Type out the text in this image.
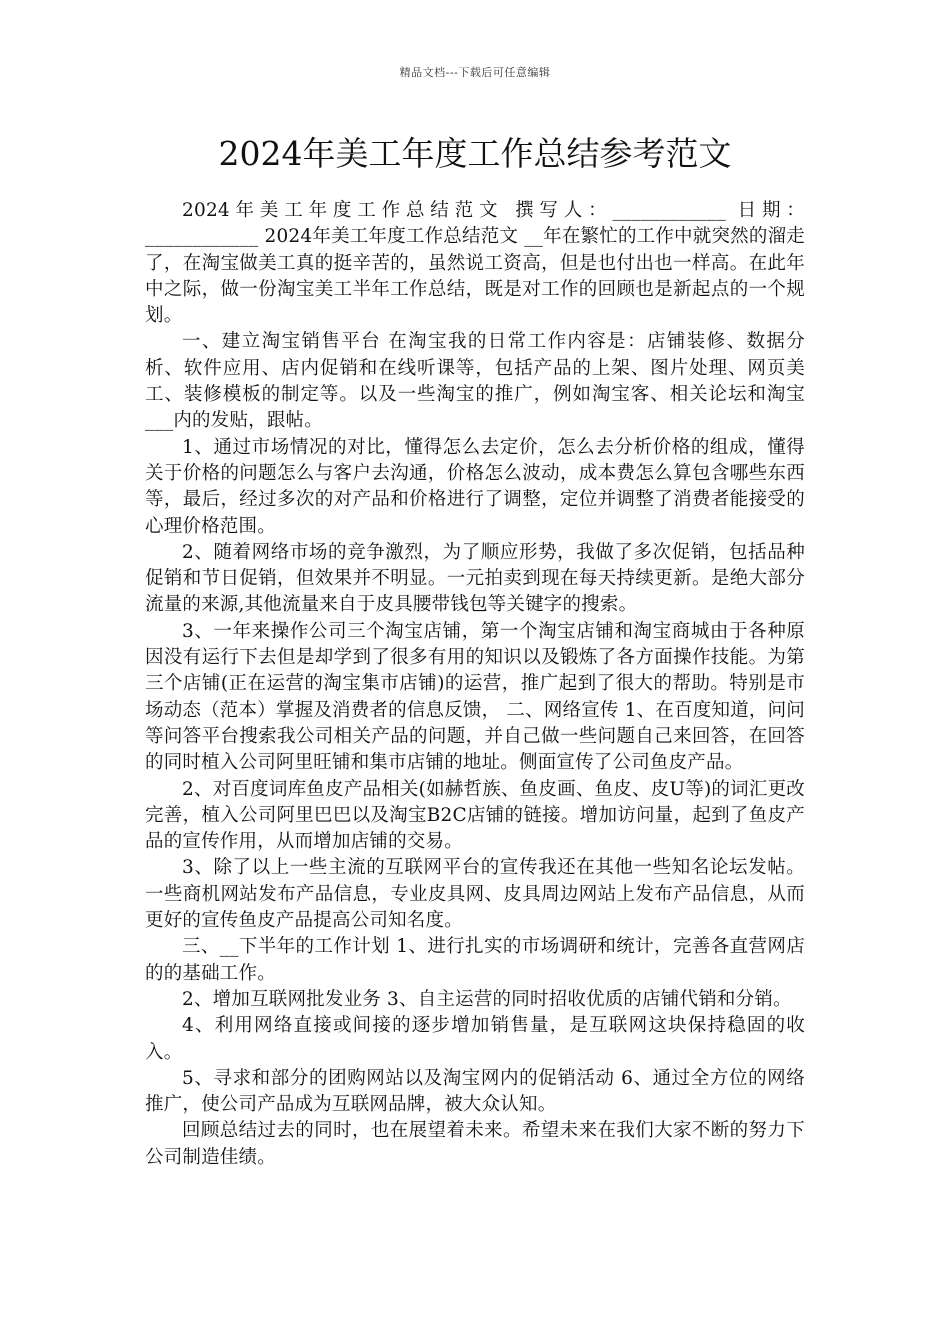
精品文档---下载后可任意编辑
2024年美工年度工作总结参考范文

2024年美工年度工作总结范文 撰写人：____________ 日期：____________ 2024年美工年度工作总结范文 __年在繁忙的工作中就突然的溜走了，在淘宝做美工真的挺辛苦的，虽然说工资高，但是也付出也一样高。在此年中之际，做一份淘宝美工半年工作总结，既是对工作的回顾也是新起点的一个规划。

一、建立淘宝销售平台 在淘宝我的日常工作内容是：店铺装修、数据分析、软件应用、店内促销和在线听课等，包括产品的上架、图片处理、网页美工、装修模板的制定等。以及一些淘宝的推广，例如淘宝客、相关论坛和淘宝___内的发贴，跟帖。

1、通过市场情况的对比，懂得怎么去定价，怎么去分析价格的组成，懂得关于价格的问题怎么与客户去沟通，价格怎么波动，成本费怎么算包含哪些东西等，最后，经过多次的对产品和价格进行了调整，定位并调整了消费者能接受的心理价格范围。

2、随着网络市场的竞争激烈，为了顺应形势，我做了多次促销，包括品种促销和节日促销，但效果并不明显。一元拍卖到现在每天持续更新。是绝大部分流量的来源,其他流量来自于皮具腰带钱包等关键字的搜索。

3、一年来操作公司三个淘宝店铺，第一个淘宝店铺和淘宝商城由于各种原因没有运行下去但是却学到了很多有用的知识以及锻炼了各方面操作技能。为第三个店铺(正在运营的淘宝集市店铺)的运营，推广起到了很大的帮助。特别是市场动态（范本）掌握及消费者的信息反馈， 二、网络宣传 1、在百度知道，问问等问答平台搜索我公司相关产品的问题，并自己做一些问题自己来回答，在回答的同时植入公司阿里旺铺和集市店铺的地址。侧面宣传了公司鱼皮产品。

2、对百度词库鱼皮产品相关(如赫哲族、鱼皮画、鱼皮、皮U等)的词汇更改完善，植入公司阿里巴巴以及淘宝B2C店铺的链接。增加访问量，起到了鱼皮产品的宣传作用，从而增加店铺的交易。

3、除了以上一些主流的互联网平台的宣传我还在其他一些知名论坛发帖。一些商机网站发布产品信息，专业皮具网、皮具周边网站上发布产品信息，从而更好的宣传鱼皮产品提高公司知名度。

三、__下半年的工作计划 1、进行扎实的市场调研和统计，完善各直营网店的的基础工作。

2、增加互联网批发业务 3、自主运营的同时招收优质的店铺代销和分销。

4、利用网络直接或间接的逐步增加销售量，是互联网这块保持稳固的收入。

5、寻求和部分的团购网站以及淘宝网内的促销活动 6、通过全方位的网络推广，使公司产品成为互联网品牌，被大众认知。

回顾总结过去的同时，也在展望着未来。希望未来在我们大家不断的努力下公司制造佳绩。
